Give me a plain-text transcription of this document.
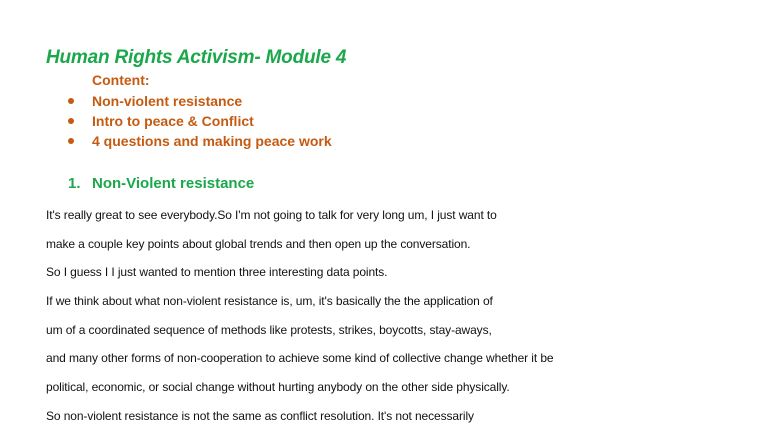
Human Rights Activism- Module 4
Content:
Non-violent resistance
Intro to peace & Conflict
4 questions and making peace work
1. Non-Violent resistance
It's really great to see everybody.So I'm not going to talk for very long um, I just want to
make a couple key points about global trends and then open up the conversation.
So I guess I I just wanted to mention three interesting data points.
If we think about what non-violent resistance is, um, it's basically the the application of
um of a coordinated sequence of methods like protests, strikes, boycotts, stay-aways,
and many other forms of non-cooperation to achieve some kind of collective change whether it be
political, economic, or social change without hurting anybody on the other side physically.
So non-violent resistance is not the same as conflict resolution. It's not necessarily
